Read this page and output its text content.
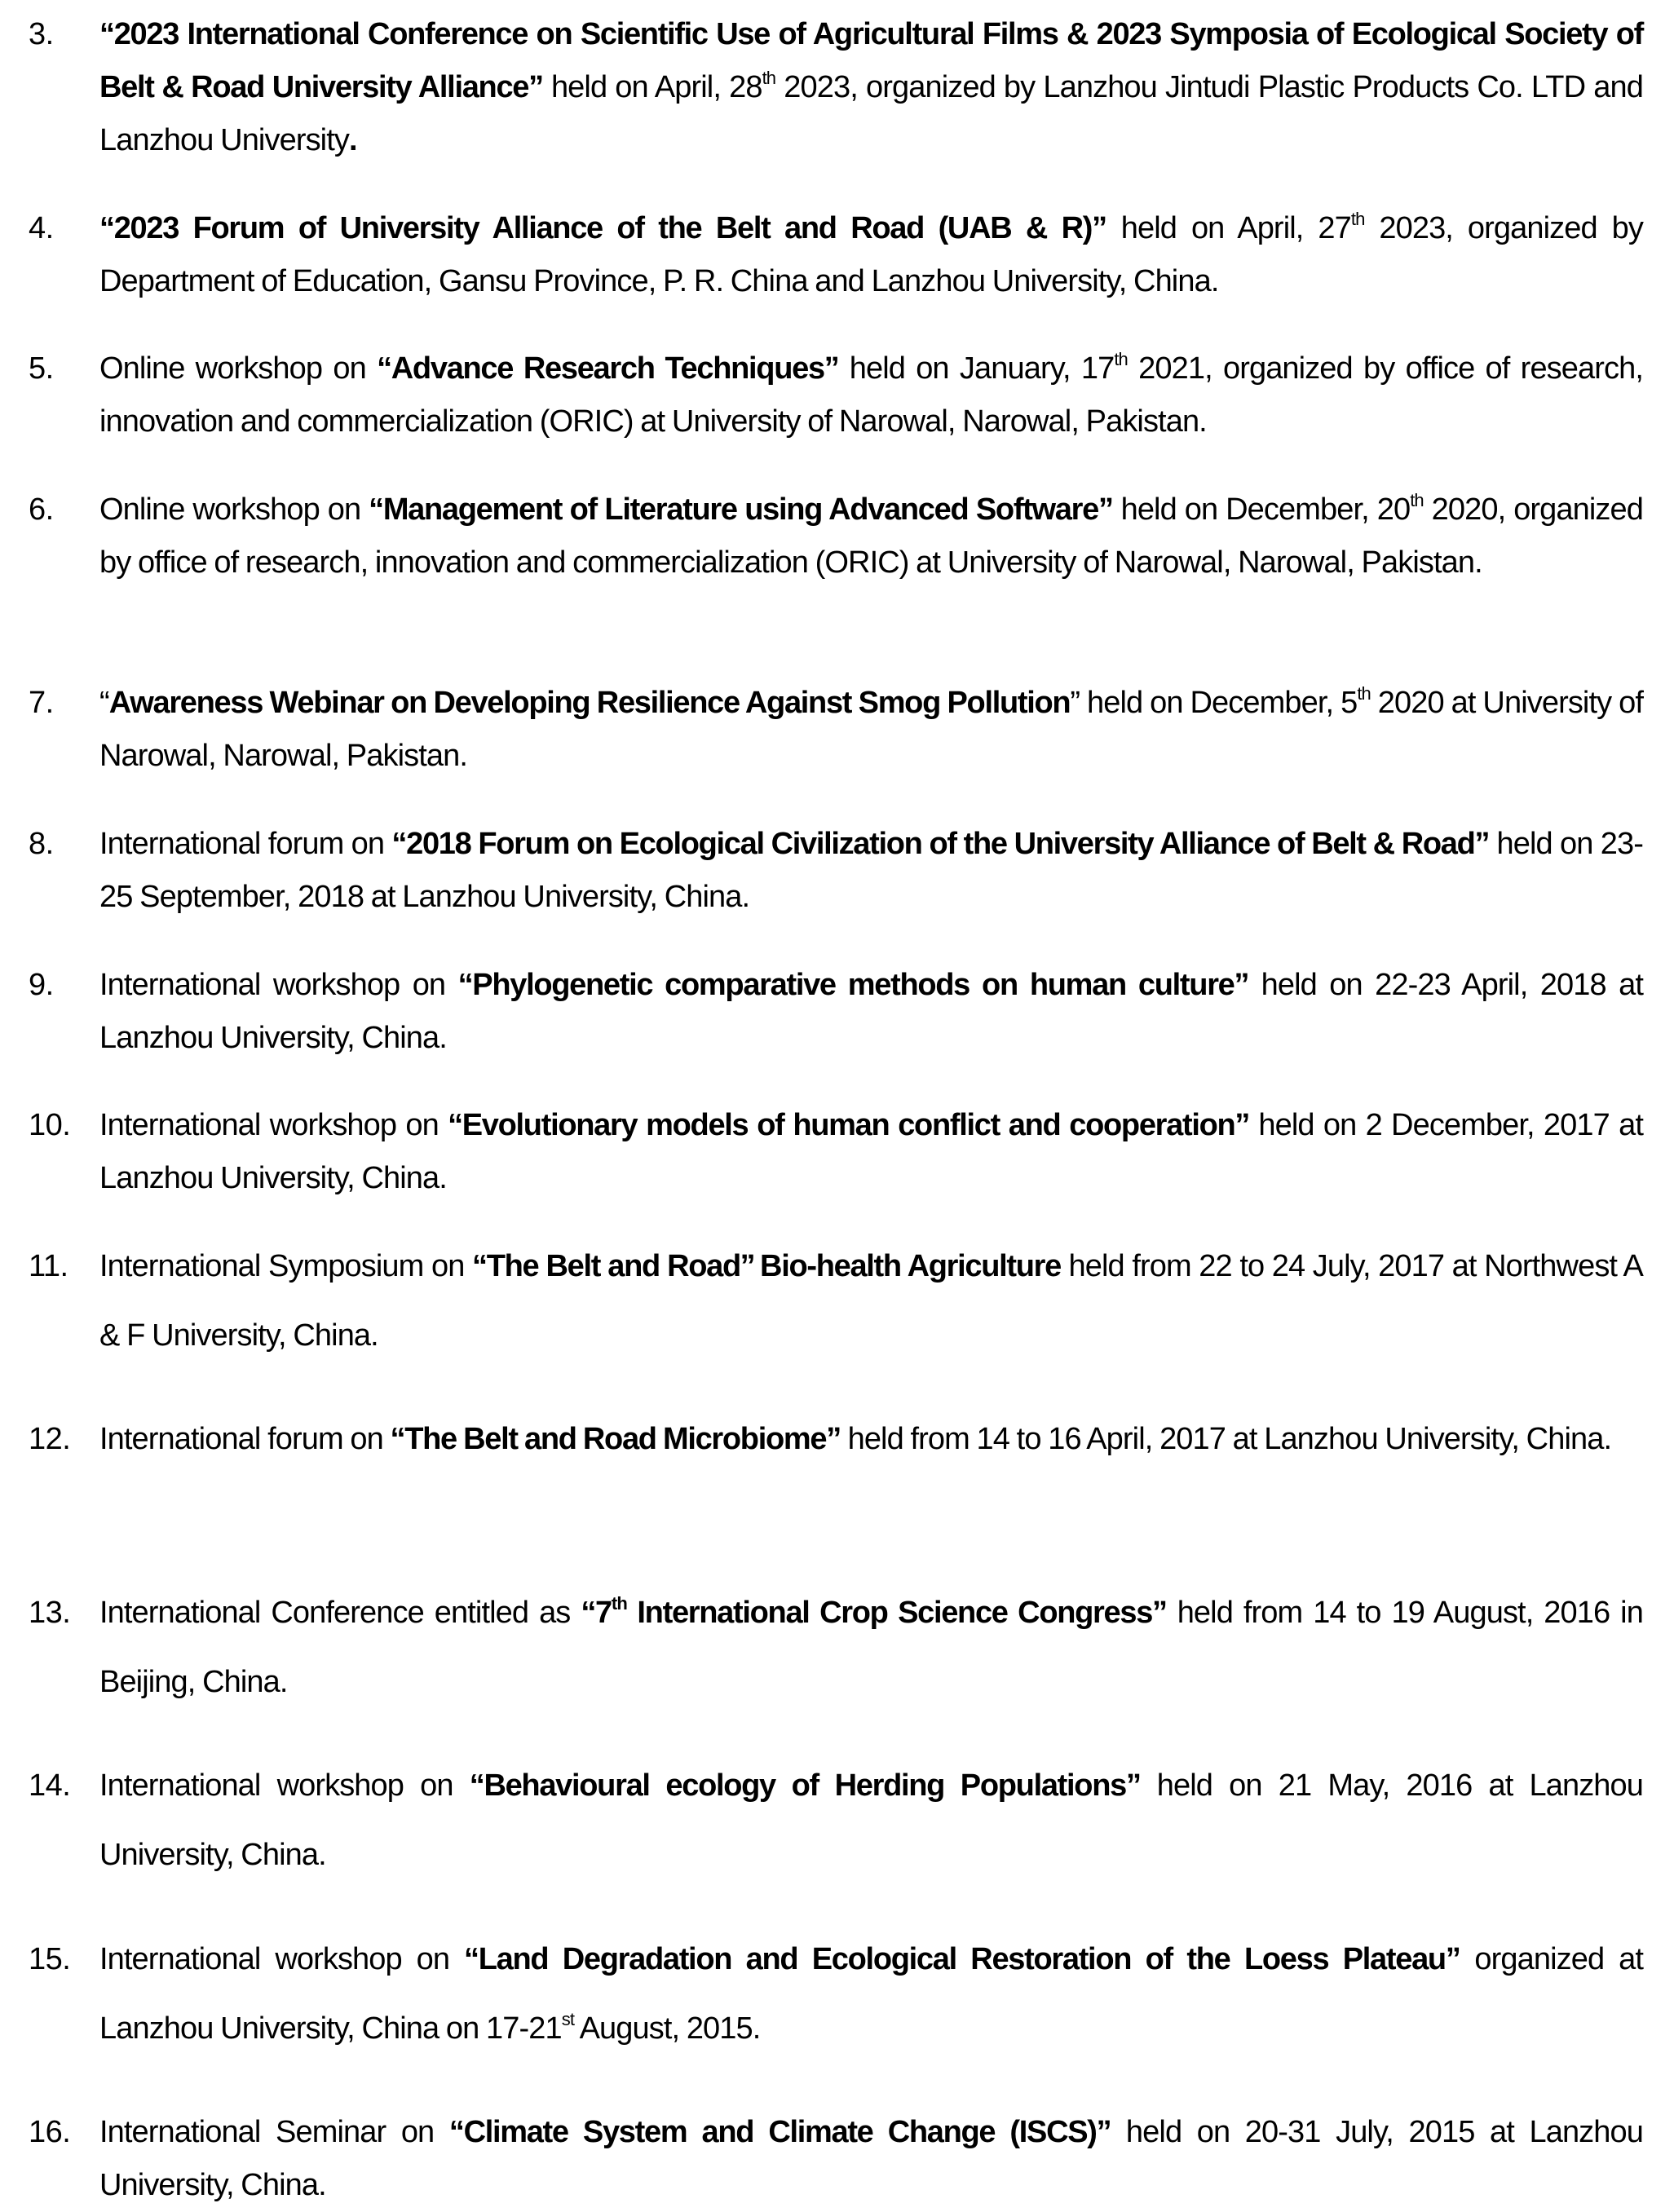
3. “2023 International Conference on Scientific Use of Agricultural Films & 2023 Symposia of Ecological Society of Belt & Road University Alliance” held on April, 28th 2023, organized by Lanzhou Jintudi Plastic Products Co. LTD and Lanzhou University.
4. “2023 Forum of University Alliance of the Belt and Road (UAB & R)” held on April, 27th 2023, organized by Department of Education, Gansu Province, P. R. China and Lanzhou University, China.
5. Online workshop on “Advance Research Techniques” held on January, 17th 2021, organized by office of research, innovation and commercialization (ORIC) at University of Narowal, Narowal, Pakistan.
6. Online workshop on “Management of Literature using Advanced Software” held on December, 20th 2020, organized by office of research, innovation and commercialization (ORIC) at University of Narowal, Narowal, Pakistan.
7. “Awareness Webinar on Developing Resilience Against Smog Pollution” held on December, 5th 2020 at University of Narowal, Narowal, Pakistan.
8. International forum on “2018 Forum on Ecological Civilization of the University Alliance of Belt & Road” held on 23-25 September, 2018 at Lanzhou University, China.
9. International workshop on “Phylogenetic comparative methods on human culture” held on 22-23 April, 2018 at Lanzhou University, China.
10. International workshop on “Evolutionary models of human conflict and cooperation” held on 2 December, 2017 at Lanzhou University, China.
11. International Symposium on “The Belt and Road’’ Bio-health Agriculture held from 22 to 24 July, 2017 at Northwest A & F University, China.
12. International forum on “The Belt and Road Microbiome” held from 14 to 16 April, 2017 at Lanzhou University, China.
13. International Conference entitled as “7th International Crop Science Congress” held from 14 to 19 August, 2016 in Beijing, China.
14. International workshop on “Behavioural ecology of Herding Populations” held on 21 May, 2016 at Lanzhou University, China.
15. International workshop on “Land Degradation and Ecological Restoration of the Loess Plateau” organized at Lanzhou University, China on 17-21st August, 2015.
16. International Seminar on “Climate System and Climate Change (ISCS)” held on 20-31 July, 2015 at Lanzhou University, China.
